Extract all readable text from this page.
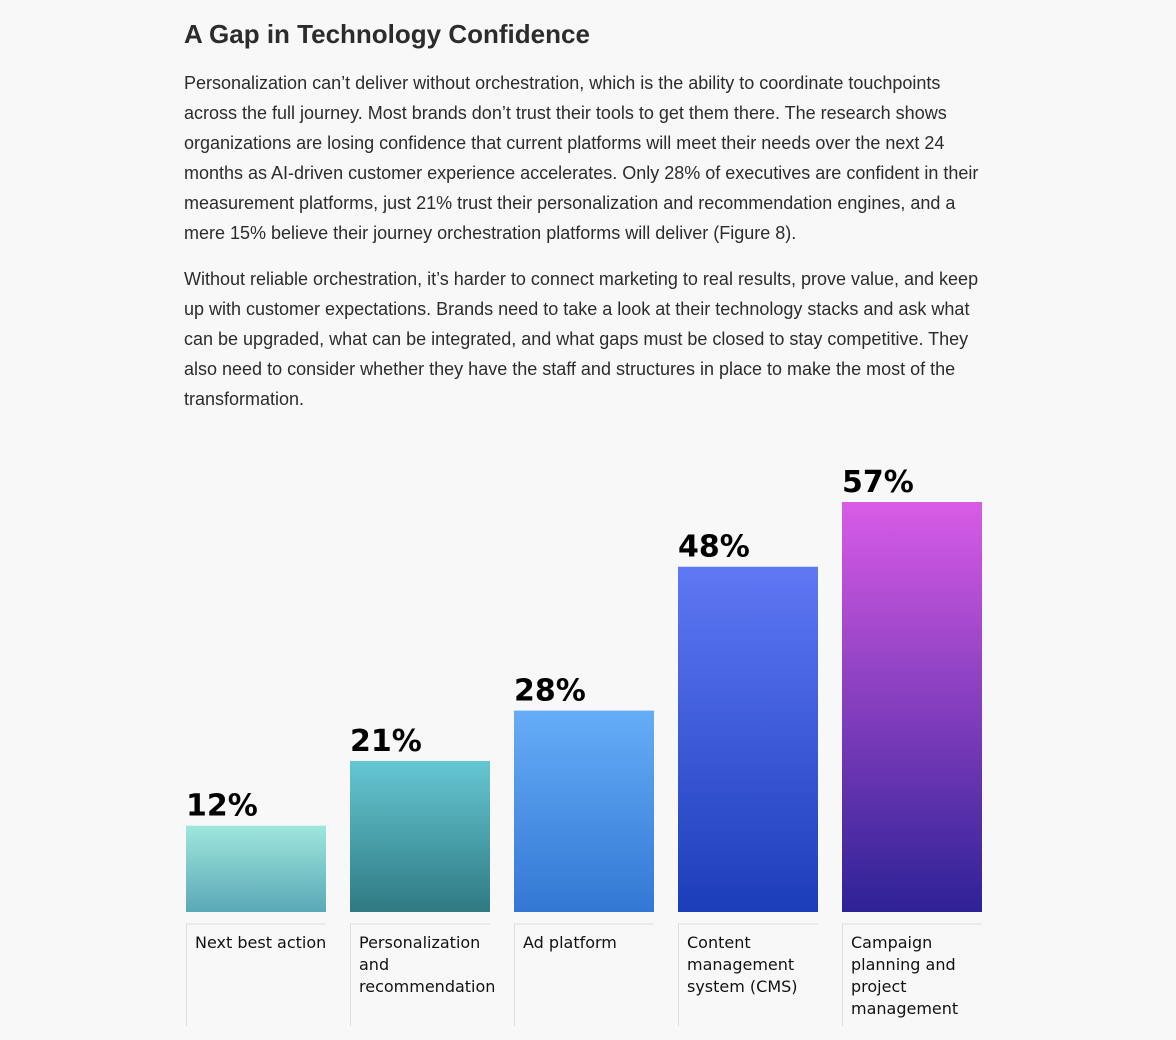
A Gap in Technology Confidence

Personalization can’t deliver without orchestration, which is the ability to coordinate touchpoints across the full journey. Most brands don’t trust their tools to get them there. The research shows organizations are losing confidence that current platforms will meet their needs over the next 24 months as AI-driven customer experience accelerates. Only 28% of executives are confident in their measurement platforms, just 21% trust their personalization and recommendation engines, and a mere 15% believe their journey orchestration platforms will deliver (Figure 8).

Without reliable orchestration, it’s harder to connect marketing to real results, prove value, and keep up with customer expectations. Brands need to take a look at their technology stacks and ask what can be upgraded, what can be integrated, and what gaps must be closed to stay competitive. They also need to consider whether they have the staff and structures in place to make the most of the transformation.

12%
Next best action
21%
Personalization
and
recommendation
28%
Ad platform
48%
Content
management
system (CMS)
57%
Campaign
planning and
project
management
